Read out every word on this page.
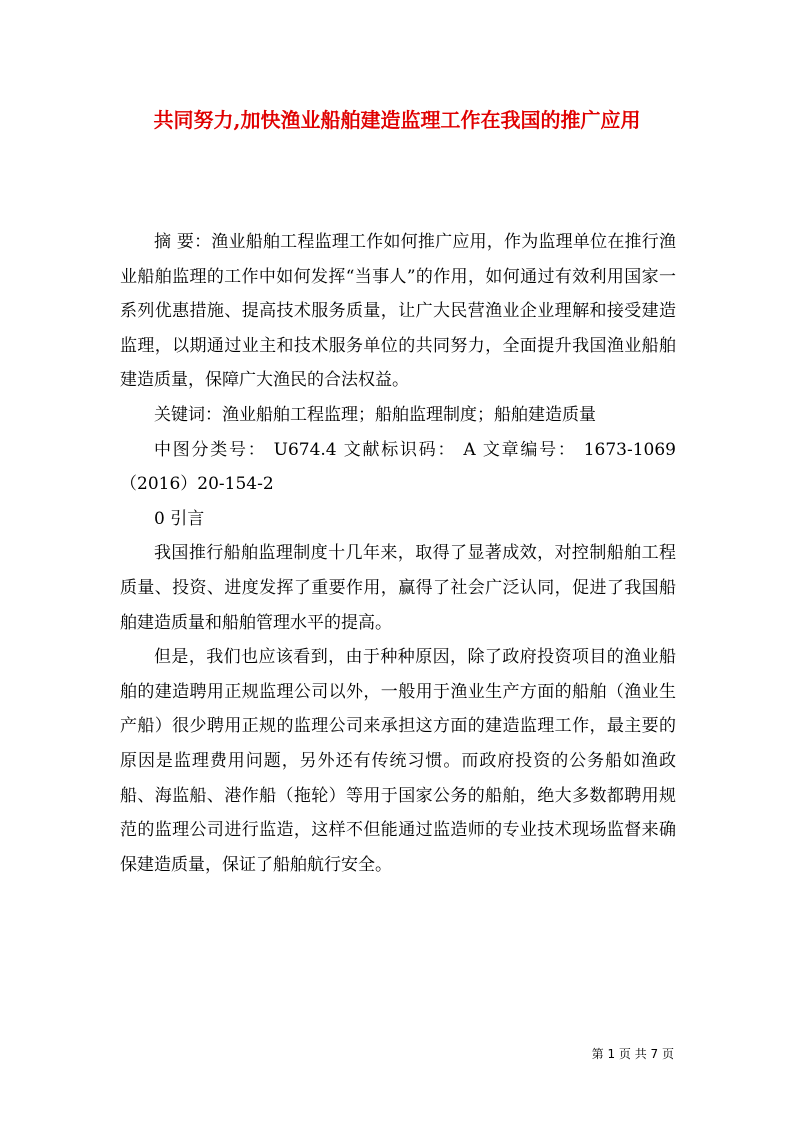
共同努力,加快渔业船舶建造监理工作在我国的推广应用

摘 要：渔业船舶工程监理工作如何推广应用，作为监理单位在推行渔业船舶监理的工作中如何发挥“当事人”的作用，如何通过有效利用国家一系列优惠措施、提高技术服务质量，让广大民营渔业企业理解和接受建造监理，以期通过业主和技术服务单位的共同努力，全面提升我国渔业船舶建造质量，保障广大渔民的合法权益。

关键词：渔业船舶工程监理；船舶监理制度；船舶建造质量

中图分类号： U674.4 文献标识码： A 文章编号： 1673-1069（2016）20-154-2

0 引言

我国推行船舶监理制度十几年来，取得了显著成效，对控制船舶工程质量、投资、进度发挥了重要作用，赢得了社会广泛认同，促进了我国船舶建造质量和船舶管理水平的提高。

但是，我们也应该看到，由于种种原因，除了政府投资项目的渔业船舶的建造聘用正规监理公司以外，一般用于渔业生产方面的船舶（渔业生产船）很少聘用正规的监理公司来承担这方面的建造监理工作，最主要的原因是监理费用问题，另外还有传统习惯。而政府投资的公务船如渔政船、海监船、港作船（拖轮）等用于国家公务的船舶，绝大多数都聘用规范的监理公司进行监造，这样不但能通过监造师的专业技术现场监督来确保建造质量，保证了船舶航行安全。

第 1 页 共 7 页
